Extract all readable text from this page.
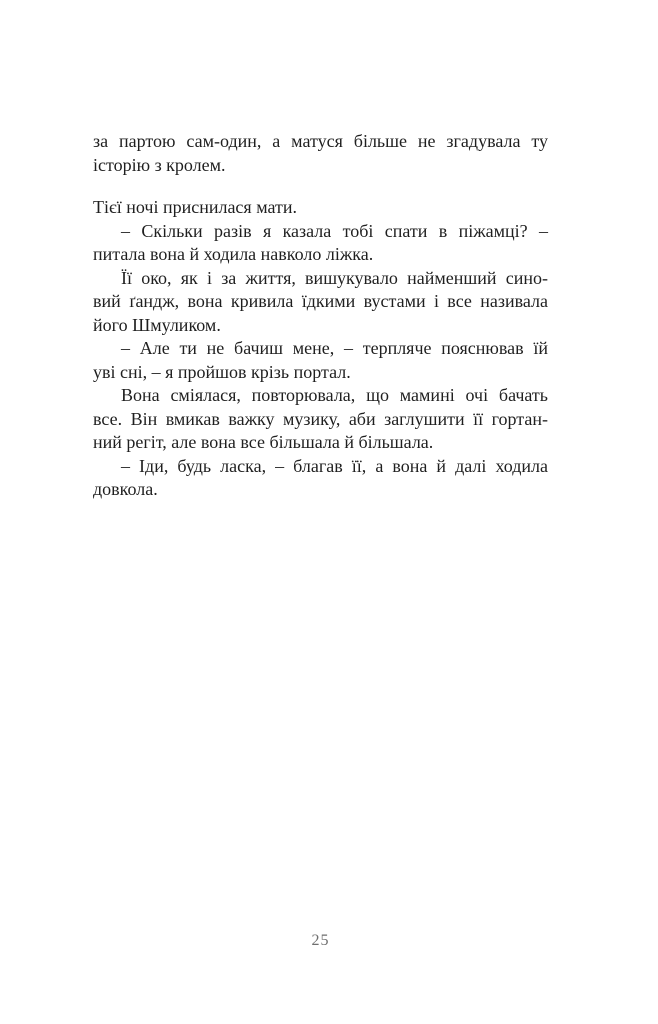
за партою сам-один, а матуся більше не згадувала ту
історію з кролем.
Тієї ночі приснилася мати.
– Скільки разів я казала тобі спати в піжамці? –
питала вона й ходила навколо ліжка.
Її око, як і за життя, вишукувало найменший сино-
вий ґандж, вона кривила їдкими вустами і все називала
його Шмуликом.
– Але ти не бачиш мене, – терпляче пояснював їй
уві сні, – я пройшов крізь портал.
Вона сміялася, повторювала, що мамині очі бачать
все. Він вмикав важку музику, аби заглушити її гортан-
ний регіт, але вона все більшала й більшала.
– Іди, будь ласка, – благав її, а вона й далі ходила
довкола.
25
